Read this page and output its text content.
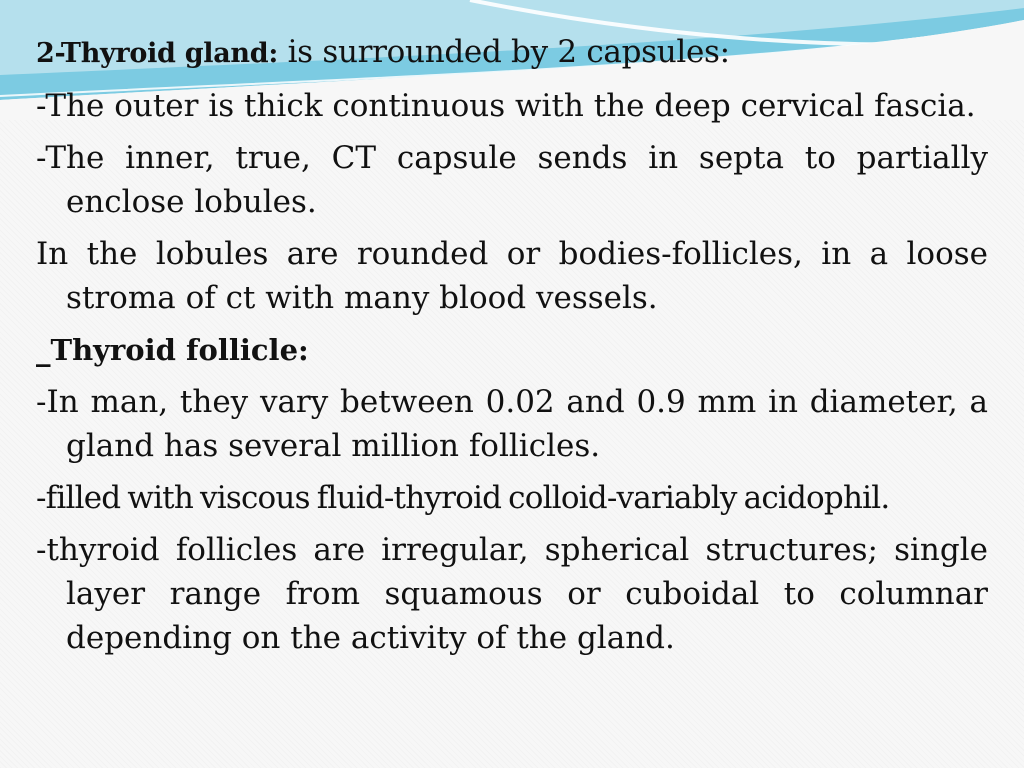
2-Thyroid gland: is surrounded by 2 capsules:

-The outer is thick continuous with the deep cervical fascia.

-The inner, true, CT capsule sends in septa to partially enclose lobules.

In the lobules are rounded or bodies-follicles, in a loose stroma of ct with many blood vessels.

_Thyroid follicle:

-In man, they vary between 0.02 and 0.9 mm in diameter, a gland has several million follicles.

-filled with viscous fluid-thyroid colloid-variably acidophil.

-thyroid follicles are irregular, spherical structures; single layer range from squamous or cuboidal to columnar depending on the activity of the gland.
